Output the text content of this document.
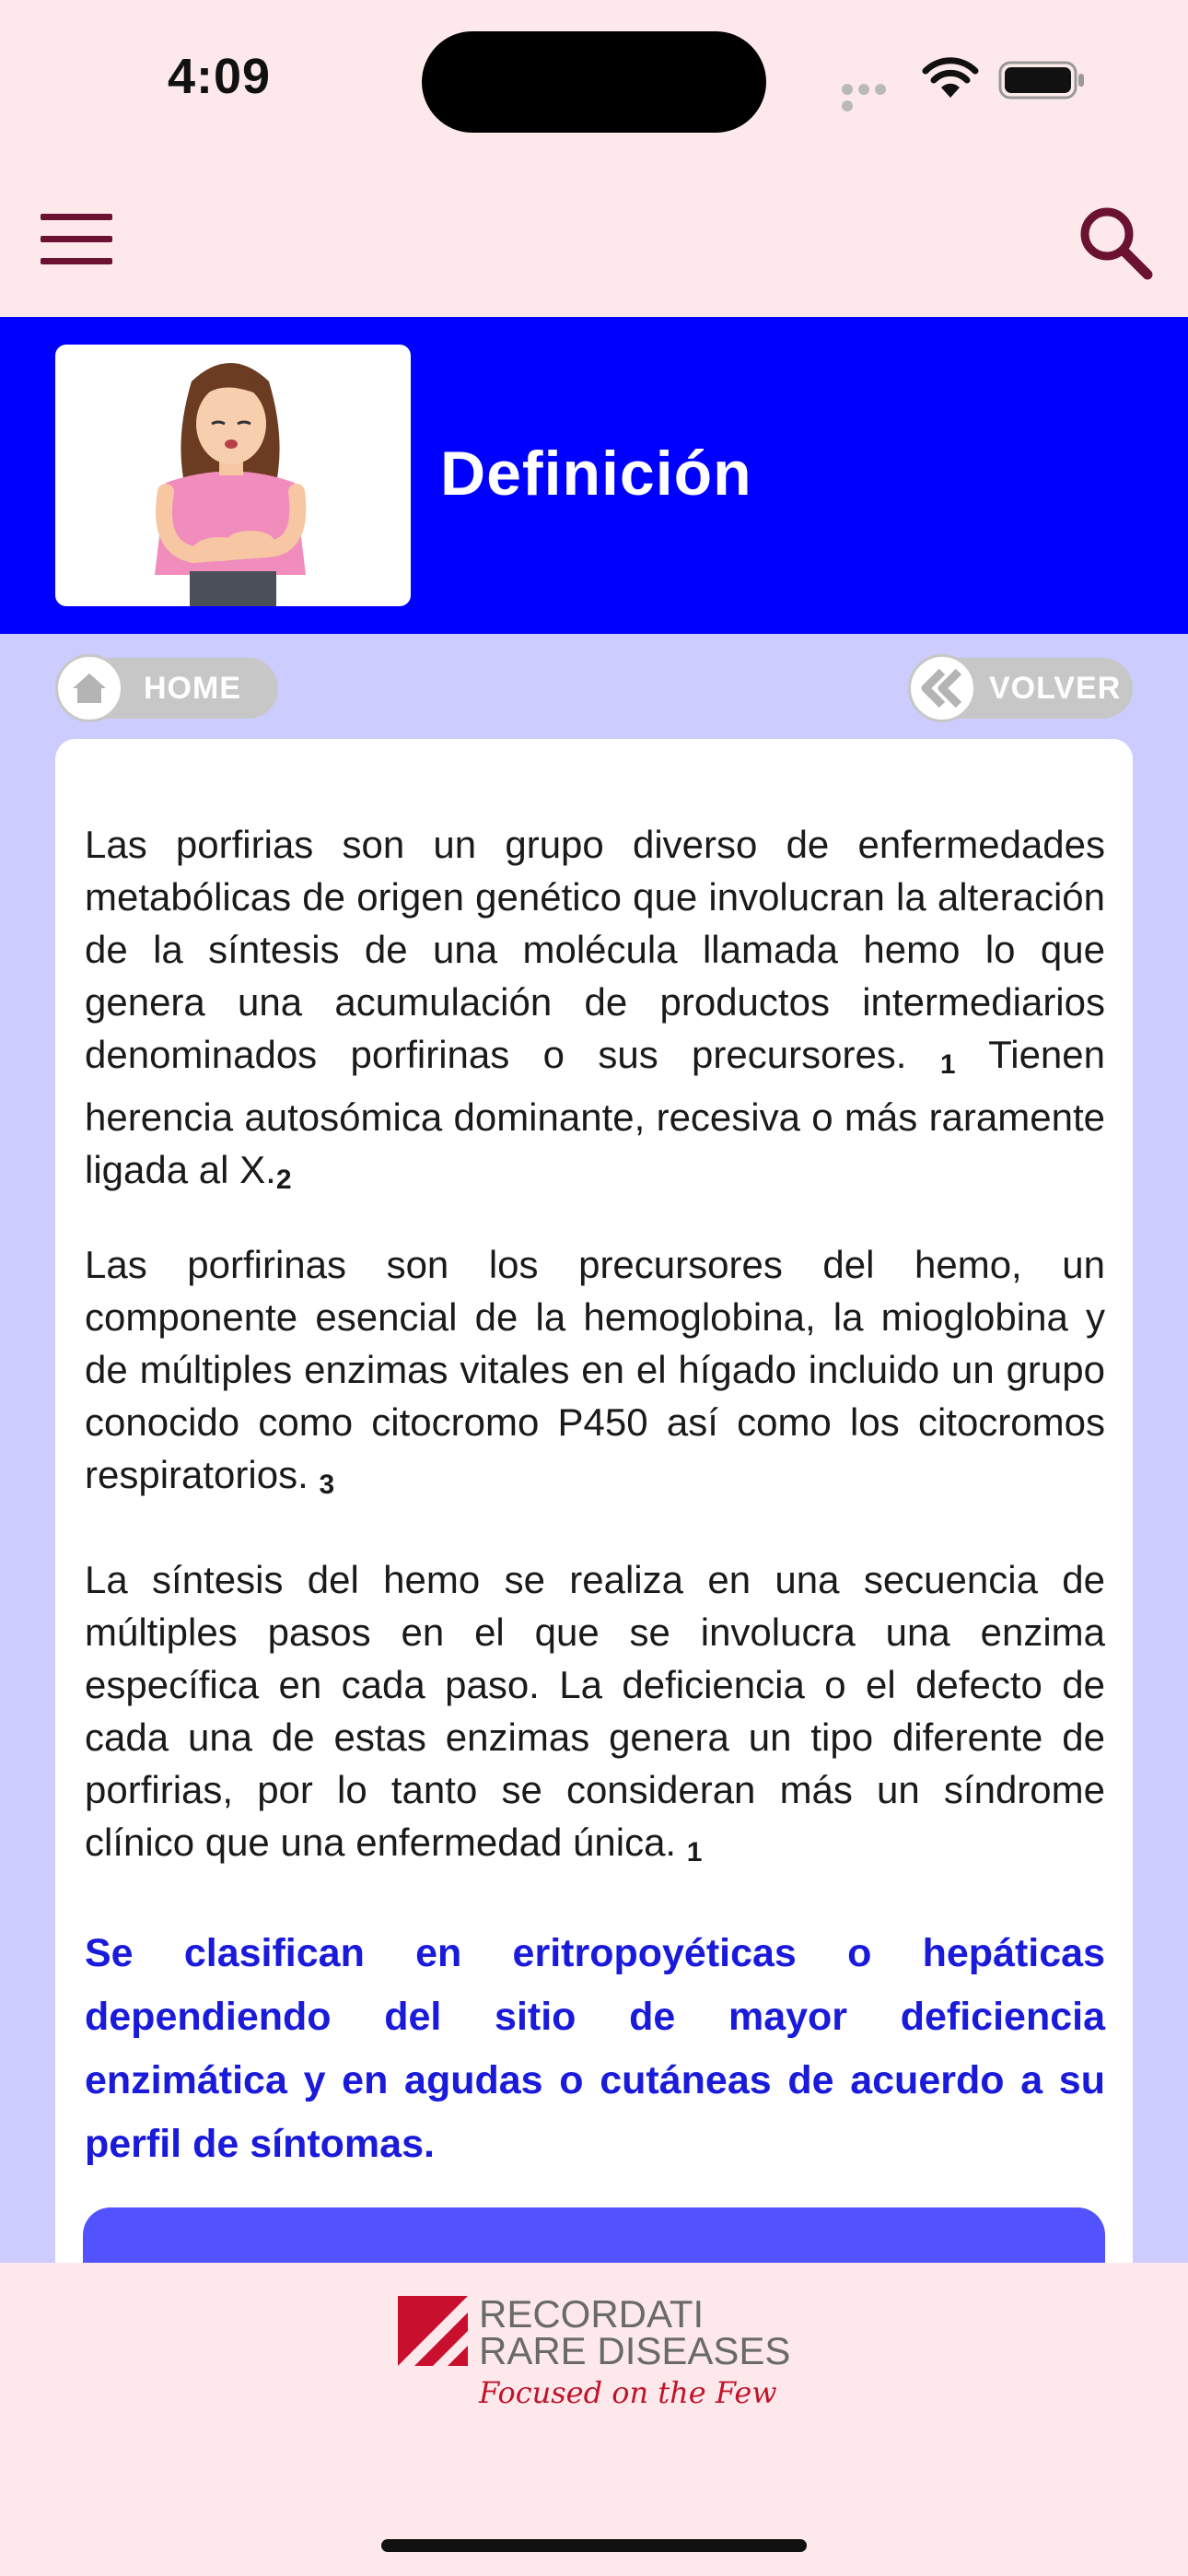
4:09
Definición
HOME	VOLVER
Las porfirias son un grupo diverso de enfermedades metabólicas de origen genético que involucran la alteración de la síntesis de una molécula llamada hemo lo que genera una acumulación de productos intermediarios denominados porfirinas o sus precursores. $_1$ Tienen herencia autosómica dominante, recesiva o más raramente ligada al $X._2$
Las porfirinas son los precursores del hemo, un componente esencial de la hemoglobina, la mioglobina y de múltiples enzimas vitales en el hígado incluido un grupo conocido como citocromo P450 así como los citocromos respiratorios. $_3$
La síntesis del hemo se realiza en una secuencia de múltiples pasos en el que se involucra una enzima específica en cada paso. La deficiencia o el defecto de cada una de estas enzimas genera un tipo diferente de porfirias, por lo tanto se consideran más un síndrome clínico que una enfermedad única. $_1$
Se clasifican en eritropoyéticas o hepáticas dependiendo del sitio de mayor deficiencia enzimática y en agudas o cutáneas de acuerdo a su perfil de síntomas.
RECORDATI
RARE DISEASES
Focused on the Few
